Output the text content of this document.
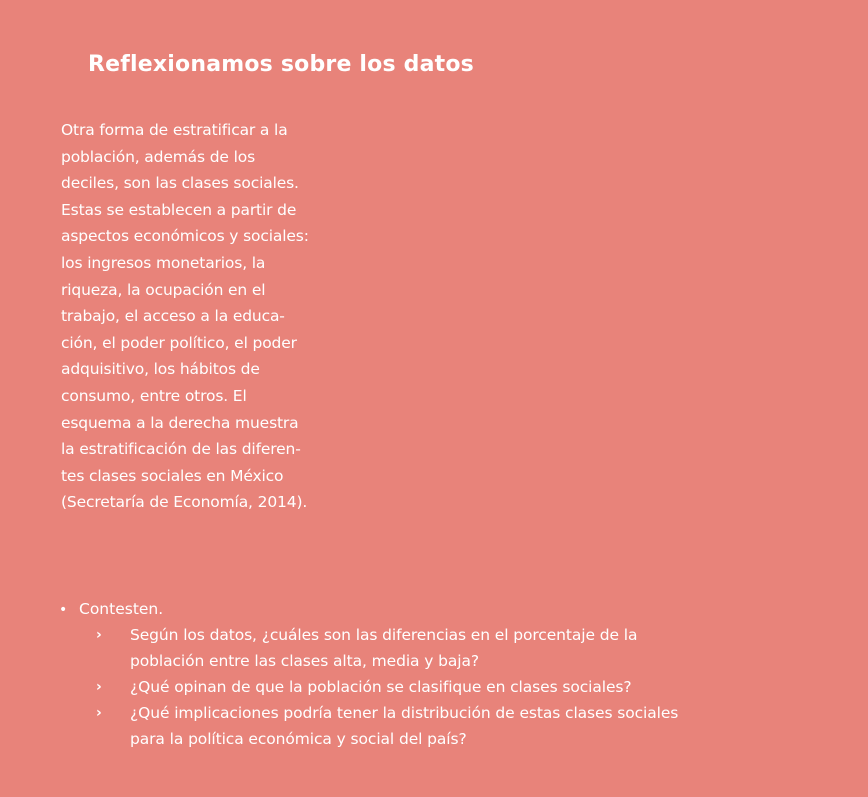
Reflexionamos sobre los datos

Otra forma de estratificar a la
población, además de los
deciles, son las clases sociales.
Estas se establecen a partir de
aspectos económicos y sociales:
los ingresos monetarios, la
riqueza, la ocupación en el
trabajo, el acceso a la educa-
ción, el poder político, el poder
adquisitivo, los hábitos de
consumo, entre otros. El
esquema a la derecha muestra
la estratificación de las diferen-
tes clases sociales en México
(Secretaría de Economía, 2014).

• Contesten.
›	Según los datos, ¿cuáles son las diferencias en el porcentaje de la
población entre las clases alta, media y baja?
›	¿Qué opinan de que la población se clasifique en clases sociales?
›	¿Qué implicaciones podría tener la distribución de estas clases sociales
para la política económica y social del país?
